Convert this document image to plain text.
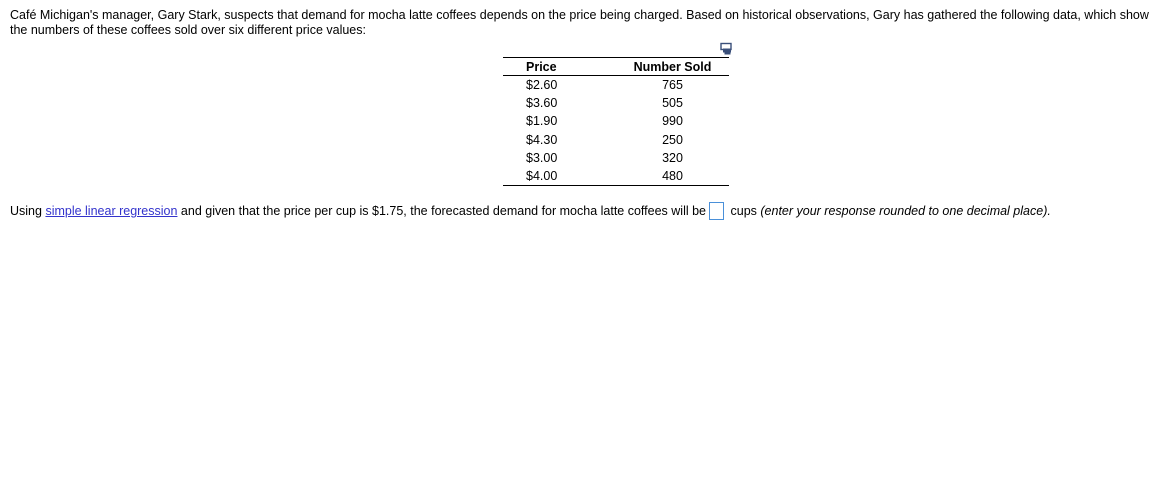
Café Michigan's manager, Gary Stark, suspects that demand for mocha latte coffees depends on the price being charged. Based on historical observations, Gary has gathered the following data, which show the numbers of these coffees sold over six different price values:

Price	Number Sold
$2.60	765
$3.60	505
$1.90	990
$4.30	250
$3.00	320
$4.00	480

Using simple linear regression and given that the price per cup is $1.75, the forecasted demand for mocha latte coffees will be cups (enter your response rounded to one decimal place).
